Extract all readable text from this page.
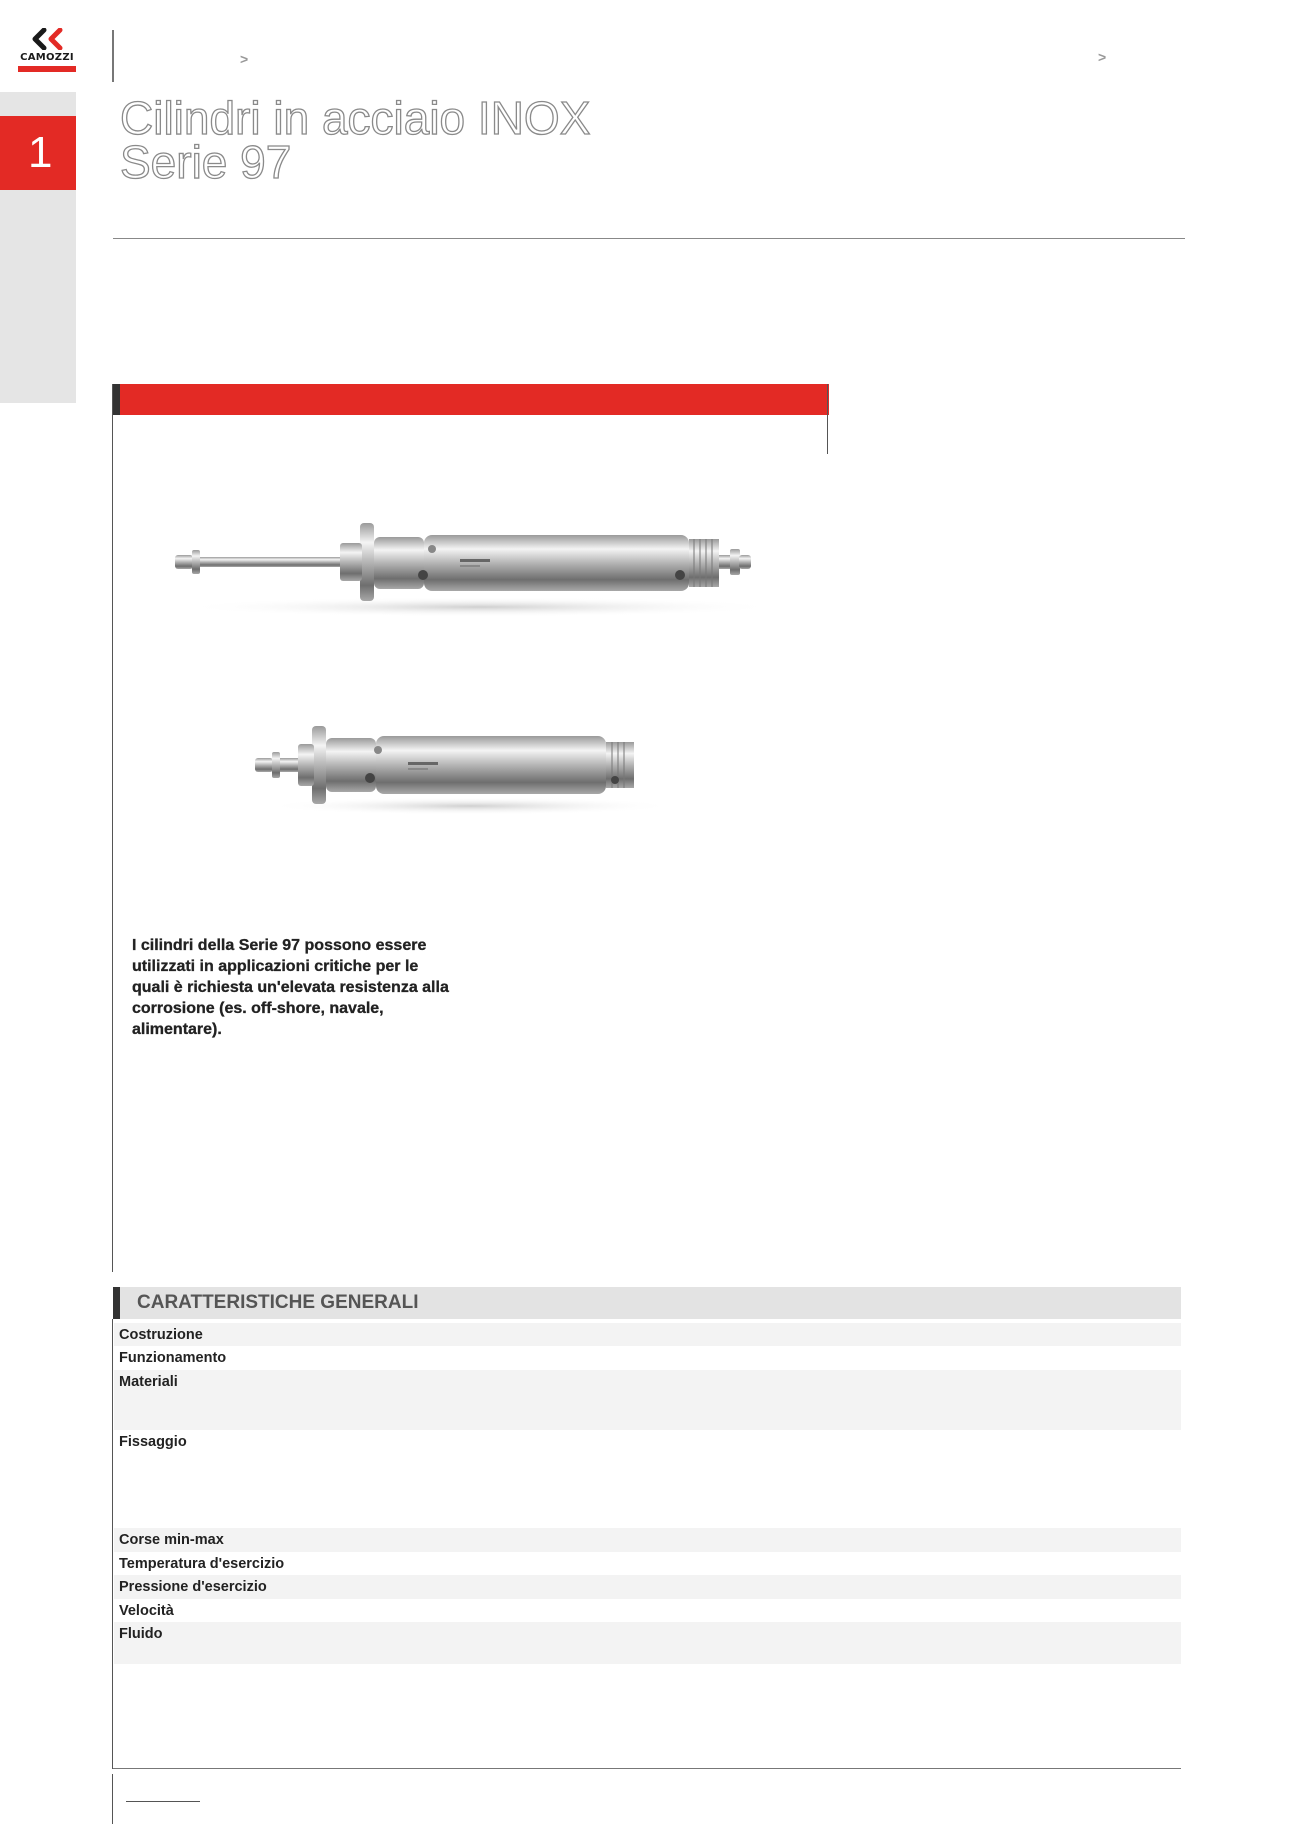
CAMOZZI	>	>
1
Cilindri in acciaio INOX
Serie 97
I cilindri della Serie 97 possono essere utilizzati in applicazioni critiche per le quali è richiesta un'elevata resistenza alla corrosione (es. off-shore, navale, alimentare).
CARATTERISTICHE GENERALI
Costruzione
Funzionamento
Materiali
Fissaggio
Corse min-max
Temperatura d'esercizio
Pressione d'esercizio
Velocità
Fluido
